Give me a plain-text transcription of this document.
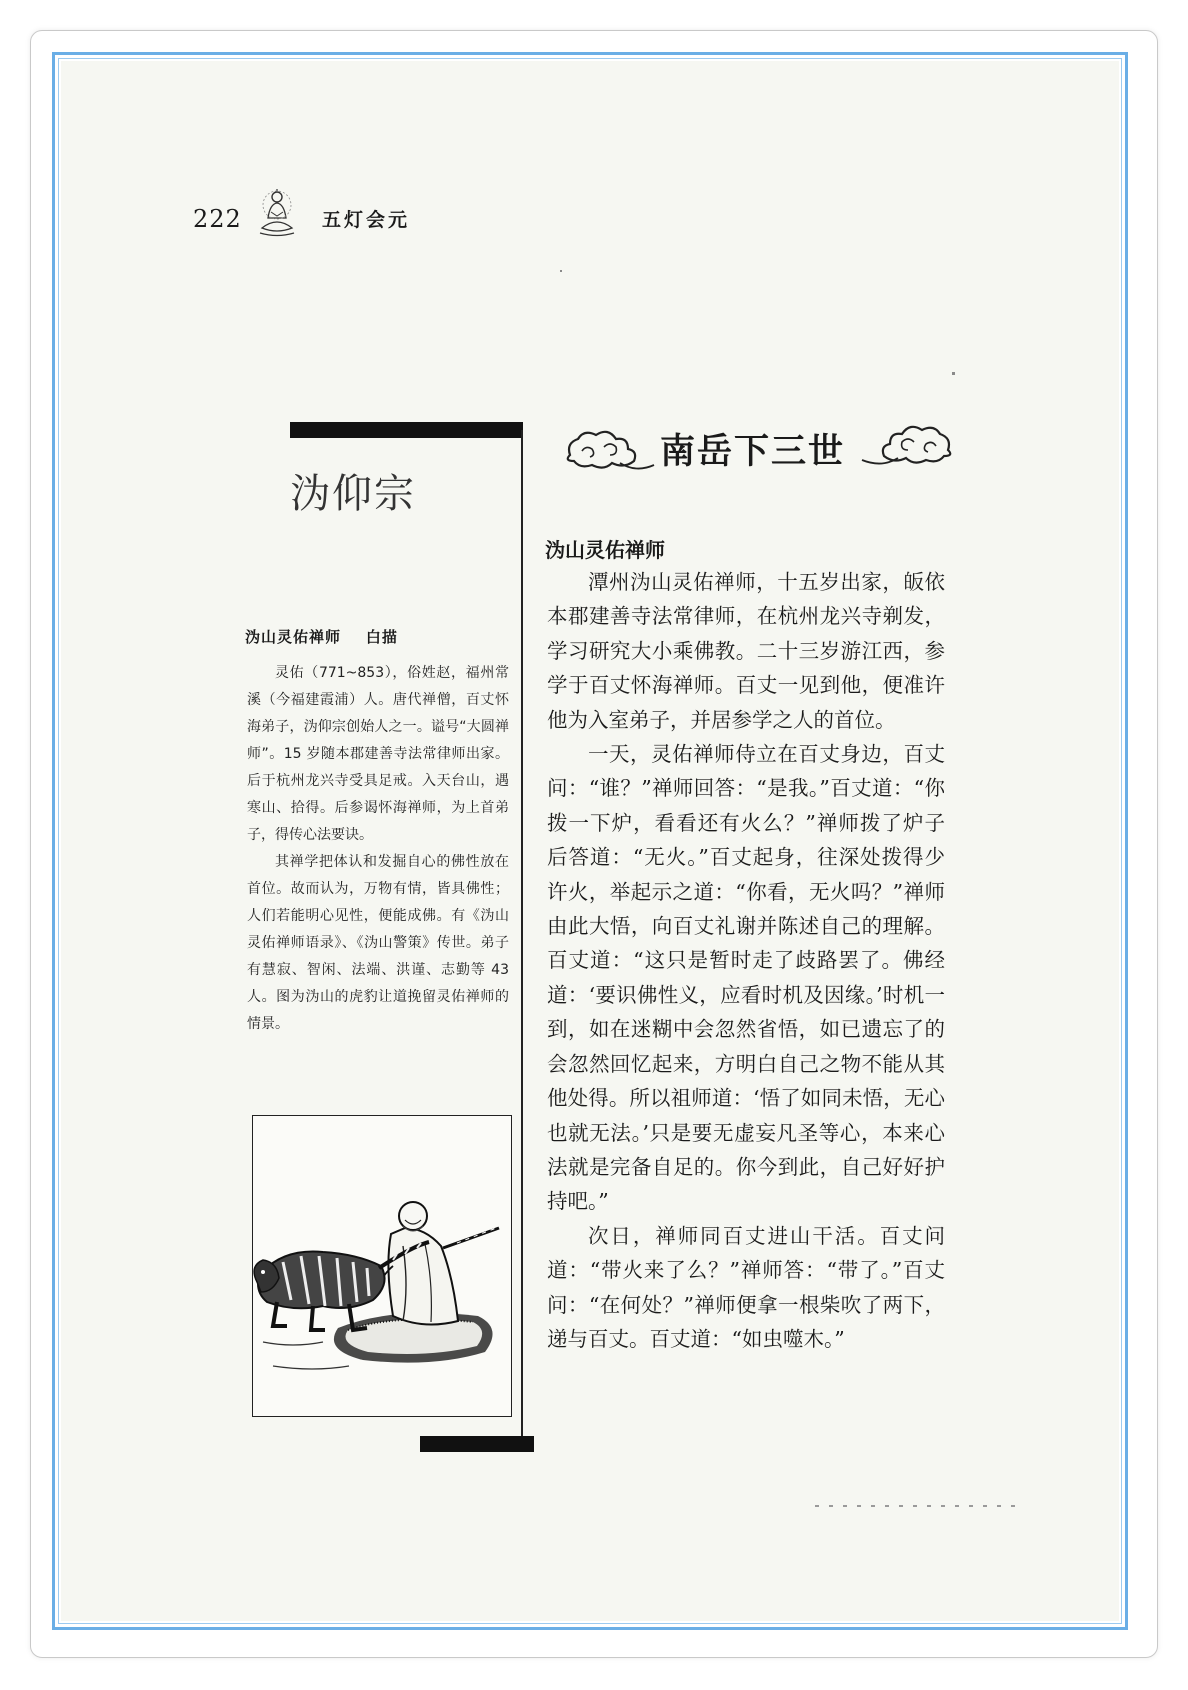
222	五灯会元
沩仰宗
沩山灵佑禅师    白描

灵佑（771~853），俗姓赵，福州常溪（今福建霞浦）人。唐代禅僧，百丈怀海弟子，沩仰宗创始人之一。谥号“大圆禅师”。15 岁随本郡建善寺法常律师出家。后于杭州龙兴寺受具足戒。入天台山，遇寒山、拾得。后参谒怀海禅师，为上首弟子，得传心法要诀。

其禅学把体认和发掘自心的佛性放在首位。故而认为，万物有情，皆具佛性；人们若能明心见性，便能成佛。有《沩山灵佑禅师语录》、《沩山警策》传世。弟子有慧寂、智闲、法端、洪谨、志勤等 43 人。图为沩山的虎豹让道挽留灵佑禅师的情景。

南岳下三世
沩山灵佑禅师

潭州沩山灵佑禅师，十五岁出家，皈依本郡建善寺法常律师，在杭州龙兴寺剃发，学习研究大小乘佛教。二十三岁游江西，参学于百丈怀海禅师。百丈一见到他，便准许他为入室弟子，并居参学之人的首位。

一天，灵佑禅师侍立在百丈身边，百丈问：“谁？”禅师回答：“是我。”百丈道：“你拨一下炉，看看还有火么？”禅师拨了炉子后答道：“无火。”百丈起身，往深处拨得少许火，举起示之道：“你看，无火吗？”禅师由此大悟，向百丈礼谢并陈述自己的理解。百丈道：“这只是暂时走了歧路罢了。佛经道：‘要识佛性义，应看时机及因缘。’时机一到，如在迷糊中会忽然省悟，如已遗忘了的会忽然回忆起来，方明白自己之物不能从其他处得。所以祖师道：‘悟了如同未悟，无心也就无法。’只是要无虚妄凡圣等心，本来心法就是完备自足的。你今到此，自己好好护持吧。”

次日，禅师同百丈进山干活。百丈问道：“带火来了么？”禅师答：“带了。”百丈问：“在何处？”禅师便拿一根柴吹了两下，递与百丈。百丈道：“如虫噬木。”
